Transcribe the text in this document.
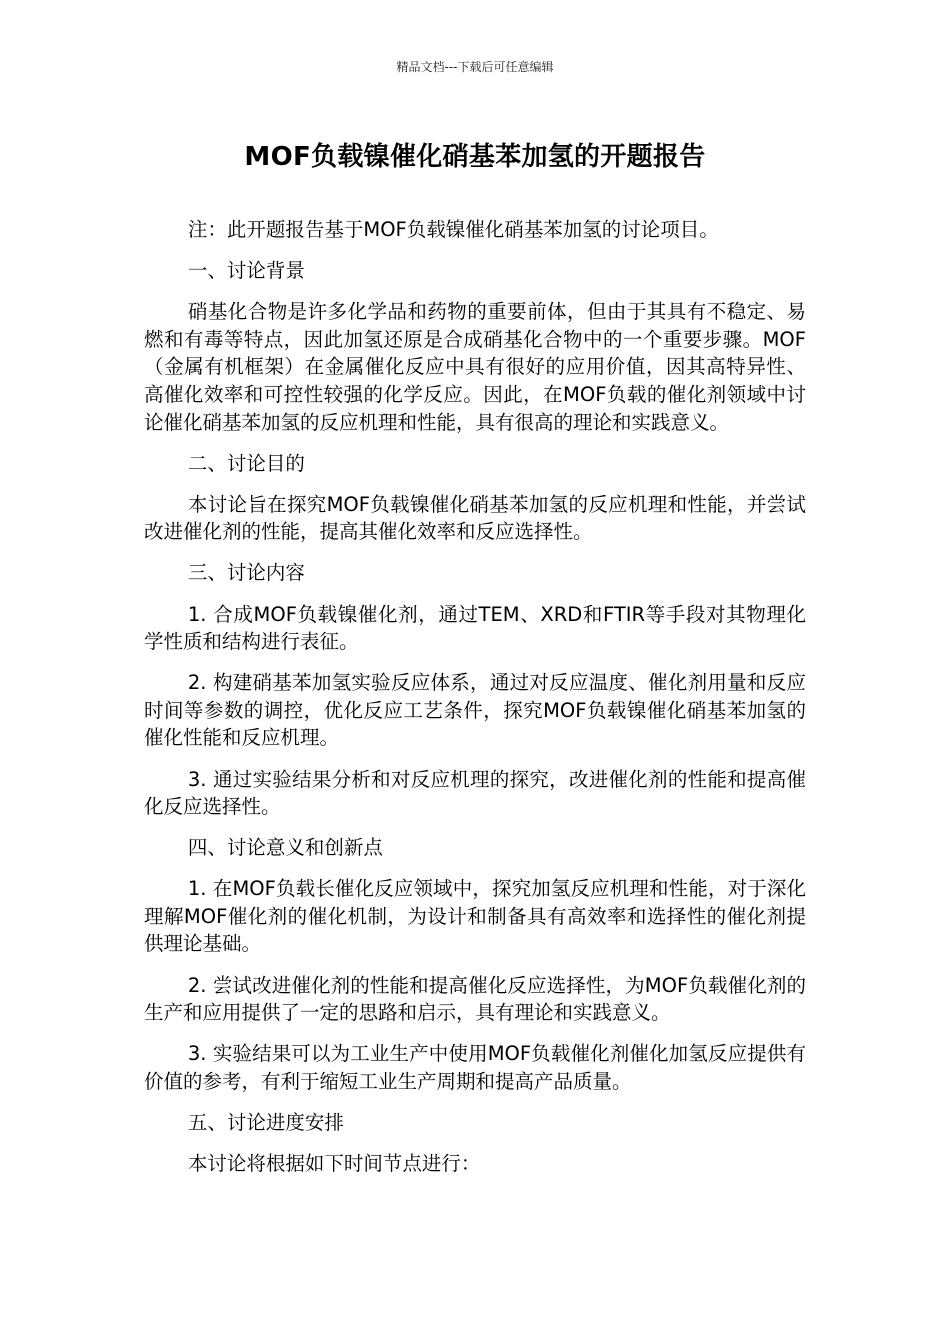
精品文档---下载后可任意编辑
MOF负载镍催化硝基苯加氢的开题报告

注：此开题报告基于MOF负载镍催化硝基苯加氢的讨论项目。

一、讨论背景

硝基化合物是许多化学品和药物的重要前体，但由于其具有不稳定、易燃和有毒等特点，因此加氢还原是合成硝基化合物中的一个重要步骤。MOF（金属有机框架）在金属催化反应中具有很好的应用价值，因其高特异性、高催化效率和可控性较强的化学反应。因此，在MOF负载的催化剂领域中讨论催化硝基苯加氢的反应机理和性能，具有很高的理论和实践意义。

二、讨论目的

本讨论旨在探究MOF负载镍催化硝基苯加氢的反应机理和性能，并尝试改进催化剂的性能，提高其催化效率和反应选择性。

三、讨论内容

1. 合成MOF负载镍催化剂，通过TEM、XRD和FTIR等手段对其物理化学性质和结构进行表征。

2. 构建硝基苯加氢实验反应体系，通过对反应温度、催化剂用量和反应时间等参数的调控，优化反应工艺条件，探究MOF负载镍催化硝基苯加氢的催化性能和反应机理。

3. 通过实验结果分析和对反应机理的探究，改进催化剂的性能和提高催化反应选择性。

四、讨论意义和创新点

1. 在MOF负载长催化反应领域中，探究加氢反应机理和性能，对于深化理解MOF催化剂的催化机制，为设计和制备具有高效率和选择性的催化剂提供理论基础。

2. 尝试改进催化剂的性能和提高催化反应选择性，为MOF负载催化剂的生产和应用提供了一定的思路和启示，具有理论和实践意义。

3. 实验结果可以为工业生产中使用MOF负载催化剂催化加氢反应提供有价值的参考，有利于缩短工业生产周期和提高产品质量。

五、讨论进度安排

本讨论将根据如下时间节点进行：
